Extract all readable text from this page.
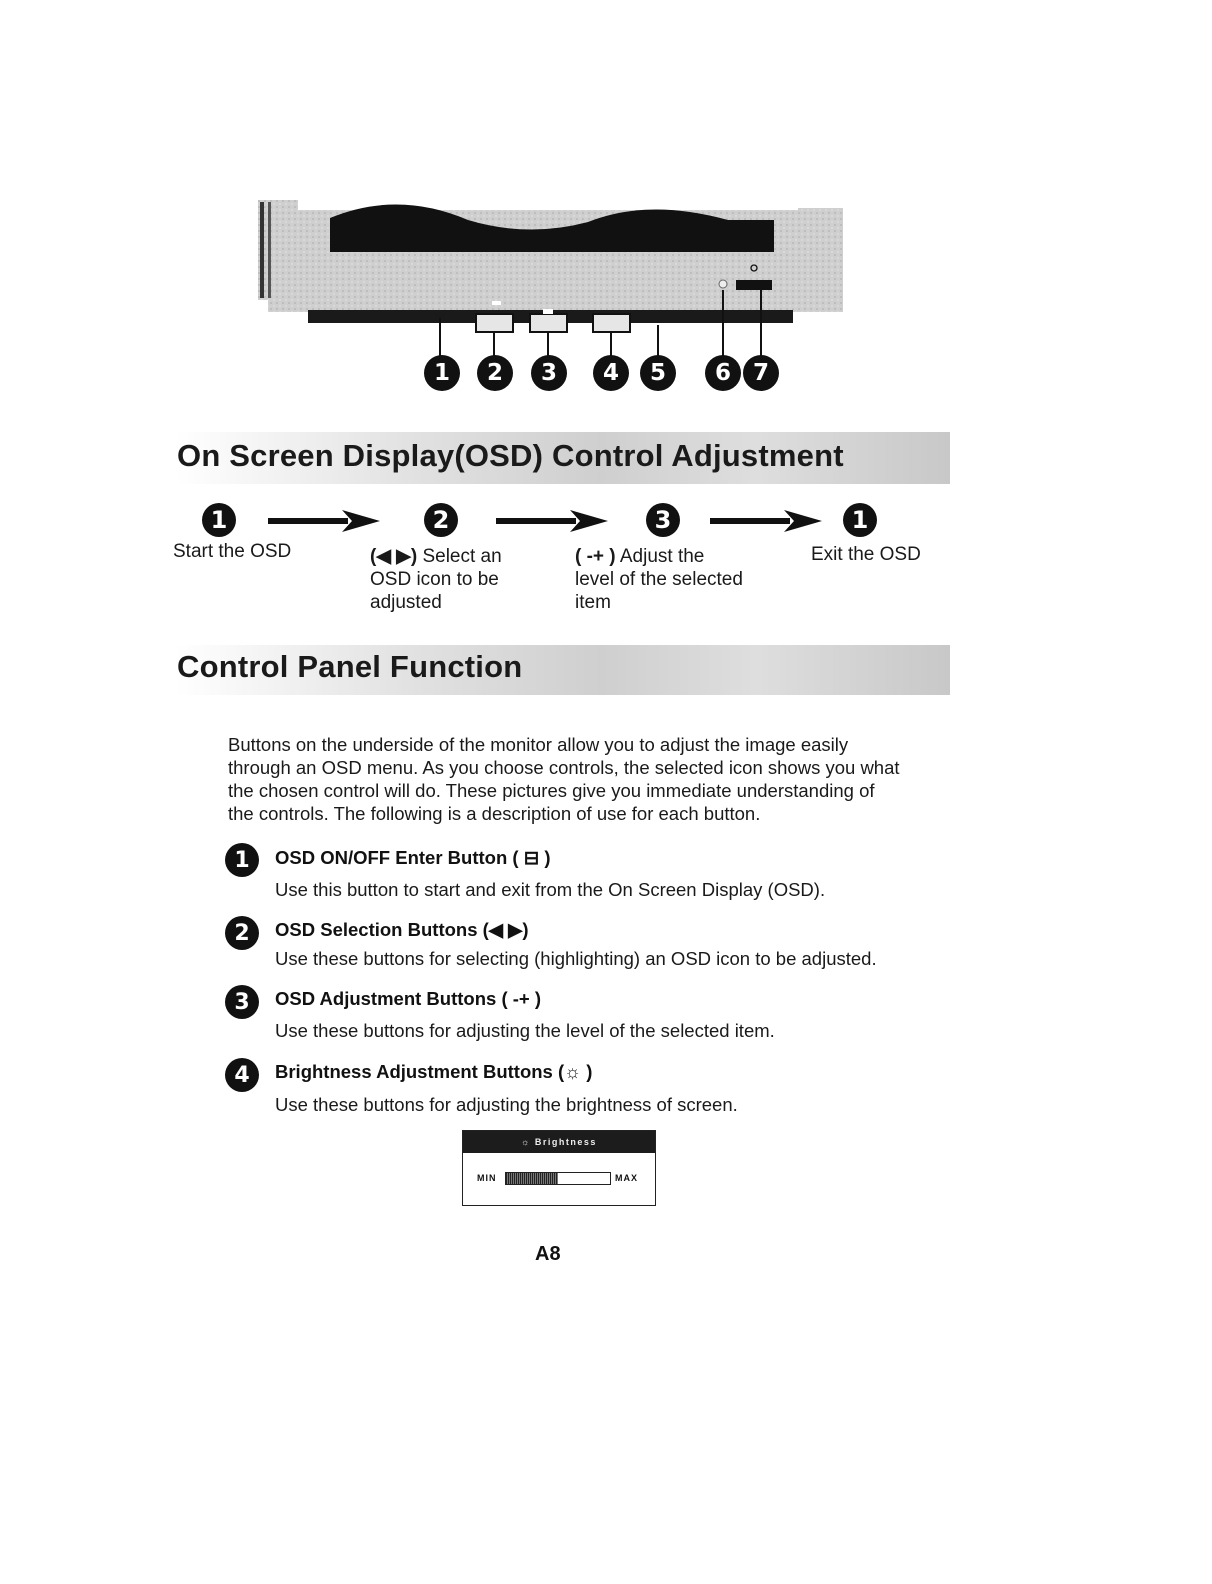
1	2	3	4	5	6 7
On Screen Display(OSD) Control Adjustment
1	2	3	1
Start the OSD	(◀ ▶) Select an
OSD icon to be
adjusted
( -+ ) Adjust the
level of the selected
item
Exit the OSD
Control Panel Function
Buttons on the underside of the monitor allow you to adjust the image easily
through an OSD menu. As you choose controls, the selected icon shows you what
the chosen control will do. These pictures give you immediate understanding of
the controls. The following is a description of use for each button.
1	OSD ON/OFF Enter Button ( ⊟ )
Use this button to start and exit from the On Screen Display (OSD).
2	OSD Selection Buttons (◀ ▶)
Use these buttons for selecting (highlighting) an OSD icon to be adjusted.
3	OSD Adjustment Buttons ( -+ )
Use these buttons for adjusting the level of the selected item.
4	Brightness Adjustment Buttons (☼ )
Use these buttons for adjusting the brightness of screen.
☼ Brightness
MIN	MAX
A8
